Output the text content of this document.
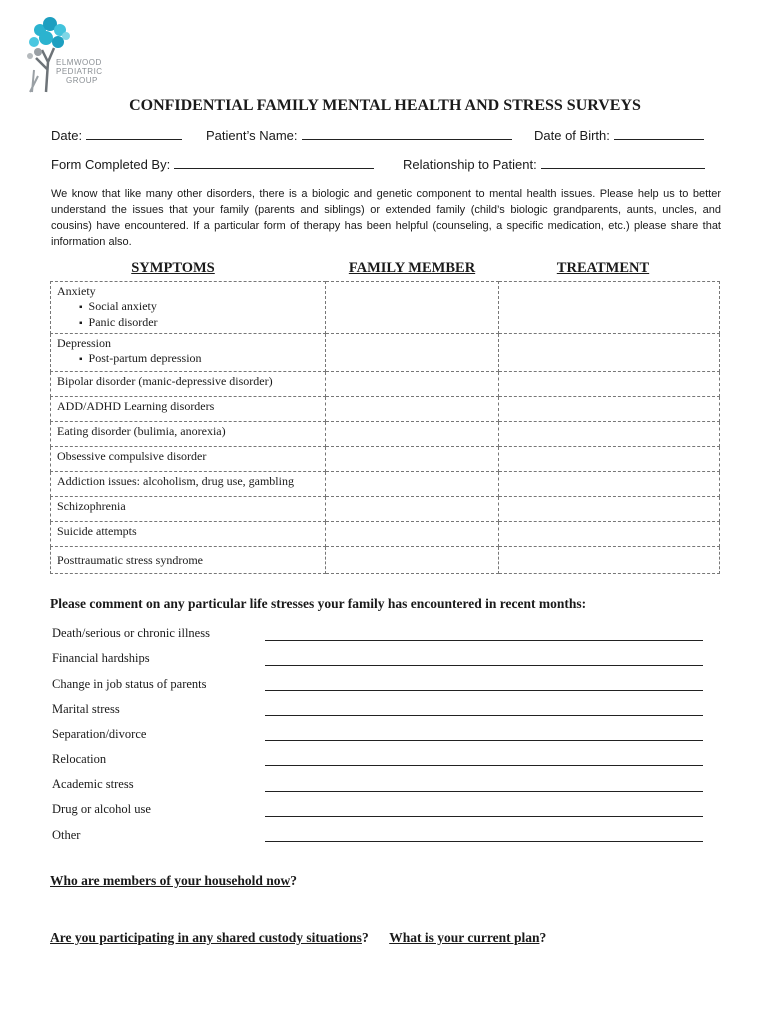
ELMWOOD
PEDIATRIC
GROUP
CONFIDENTIAL FAMILY MENTAL HEALTH AND STRESS SURVEYS
Date:	Patient’s Name:	Date of Birth:
Form Completed By:	Relationship to Patient:
We know that like many other disorders, there is a biologic and genetic component to mental health issues. Please help us to better understand the issues that your family (parents and siblings) or extended family (child’s biologic grandparents, aunts, uncles, and cousins) have encountered. If a particular form of therapy has been helpful (counseling, a specific medication, etc.) please share that information also.
SYMPTOMS	FAMILY MEMBER	TREATMENT
Anxiety
▪ Social anxiety
▪ Panic disorder

Depression
▪ Post-partum depression

Bipolar disorder (manic-depressive disorder)		
ADD/ADHD Learning disorders		
Eating disorder (bulimia, anorexia)		
Obsessive compulsive disorder		
Addiction issues: alcoholism, drug use, gambling		
Schizophrenia		
Suicide attempts		
Posttraumatic stress syndrome		
Please comment on any particular life stresses your family has encountered in recent months:
Death/serious or chronic illness
Financial hardships
Change in job status of parents
Marital stress
Separation/divorce
Relocation
Academic stress
Drug or alcohol use
Other
Who are members of your household now?
Are you participating in any shared custody situations? What is your current plan?
